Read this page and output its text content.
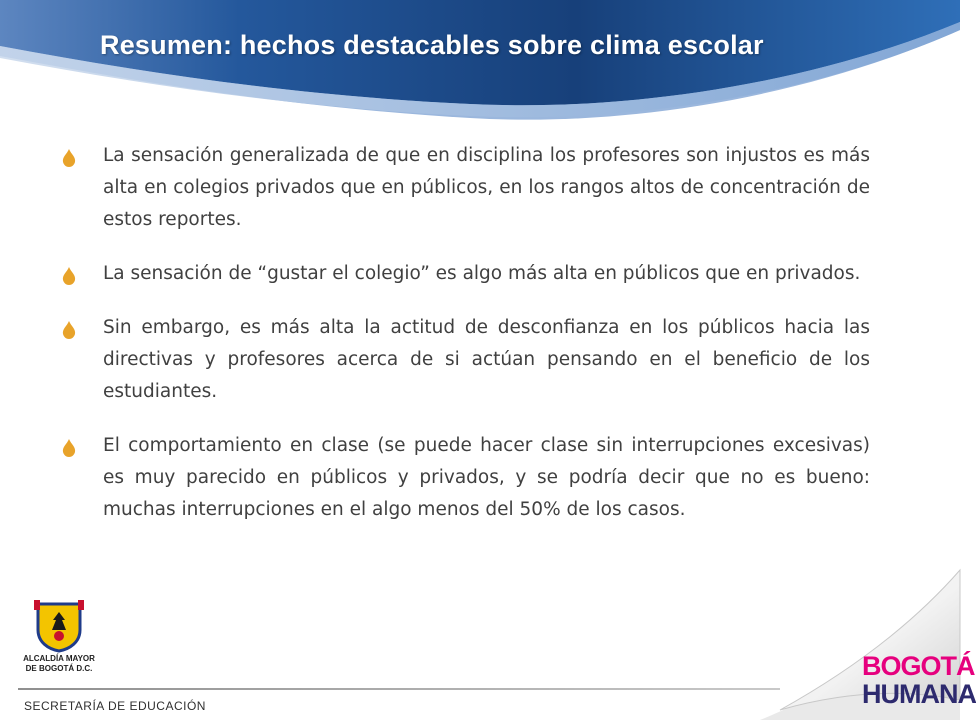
Resumen: hechos destacables sobre clima escolar
La sensación generalizada de que en disciplina los profesores son injustos es más alta en colegios privados que en públicos, en los rangos altos de concentración de estos reportes.
La sensación de “gustar el colegio” es algo más alta en públicos que en privados.
Sin embargo, es más alta la actitud de desconfianza en los públicos hacia las directivas y profesores acerca de si actúan pensando en el beneficio de los estudiantes.
El comportamiento en clase (se puede hacer clase sin interrupciones excesivas) es muy parecido en públicos y privados, y se podría decir que no es bueno: muchas interrupciones en el algo menos del 50% de los casos.
ALCALDÍA MAYOR
DE BOGOTÁ D.C.
SECRETARÍA DE EDUCACIÓN
BOGOTÁ
HUMANA
